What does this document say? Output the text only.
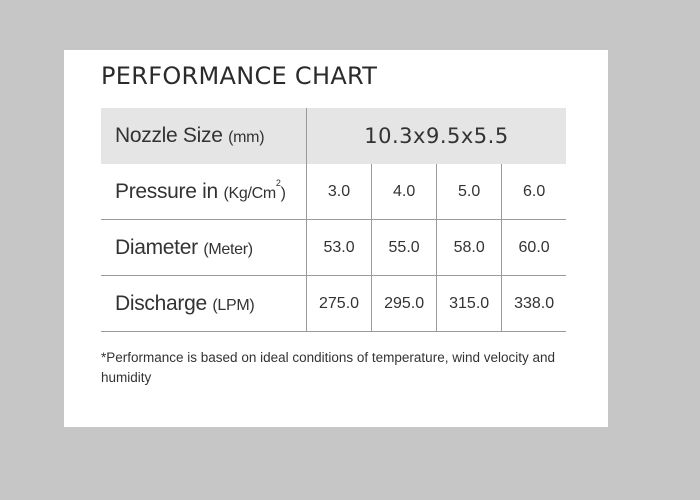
PERFORMANCE CHART
Nozzle Size (mm)	10.3x9.5x5.5			
Pressure in (Kg/Cm$^2$)	3.0	4.0	5.0	6.0
Diameter (Meter)	53.0	55.0	58.0	60.0
Discharge (LPM)	275.0	295.0	315.0	338.0
*Performance is based on ideal conditions of temperature, wind velocity and humidity
